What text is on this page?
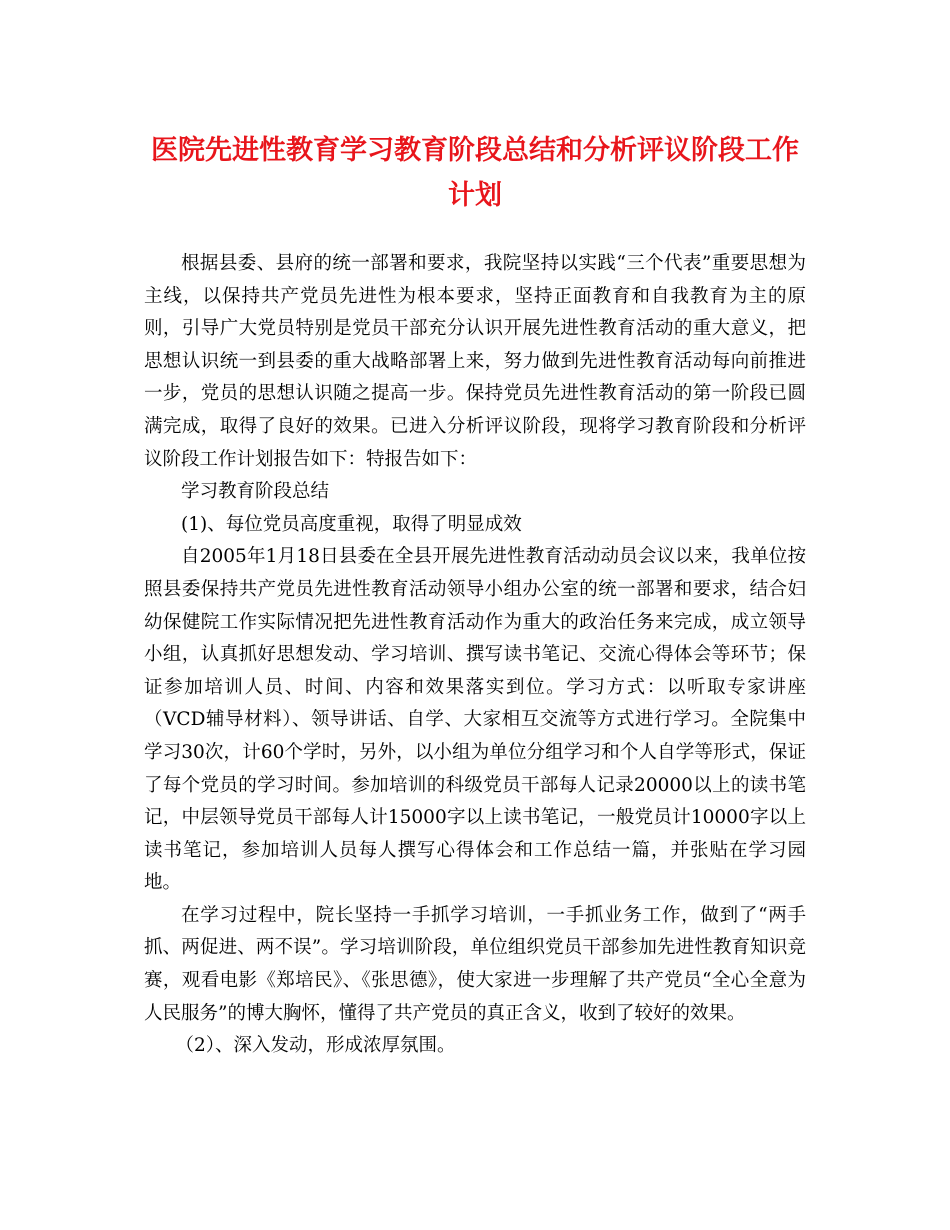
医院先进性教育学习教育阶段总结和分析评议阶段工作计划

根据县委、县府的统一部署和要求，我院坚持以实践“三个代表”重要思想为主线，以保持共产党员先进性为根本要求，坚持正面教育和自我教育为主的原则，引导广大党员特别是党员干部充分认识开展先进性教育活动的重大意义，把思想认识统一到县委的重大战略部署上来，努力做到先进性教育活动每向前推进一步，党员的思想认识随之提高一步。保持党员先进性教育活动的第一阶段已圆满完成，取得了良好的效果。已进入分析评议阶段，现将学习教育阶段和分析评议阶段工作计划报告如下：特报告如下：

学习教育阶段总结

(1)、每位党员高度重视，取得了明显成效

自2005年1月18日县委在全县开展先进性教育活动动员会议以来，我单位按照县委保持共产党员先进性教育活动领导小组办公室的统一部署和要求，结合妇幼保健院工作实际情况把先进性教育活动作为重大的政治任务来完成，成立领导小组，认真抓好思想发动、学习培训、撰写读书笔记、交流心得体会等环节；保证参加培训人员、时间、内容和效果落实到位。学习方式：以听取专家讲座（VCD辅导材料）、领导讲话、自学、大家相互交流等方式进行学习。全院集中学习30次，计60个学时，另外，以小组为单位分组学习和个人自学等形式，保证了每个党员的学习时间。参加培训的科级党员干部每人记录20000以上的读书笔记，中层领导党员干部每人计15000字以上读书笔记，一般党员计10000字以上读书笔记，参加培训人员每人撰写心得体会和工作总结一篇，并张贴在学习园地。

在学习过程中，院长坚持一手抓学习培训，一手抓业务工作，做到了“两手抓、两促进、两不误”。学习培训阶段，单位组织党员干部参加先进性教育知识竞赛，观看电影《郑培民》、《张思德》，使大家进一步理解了共产党员“全心全意为人民服务”的博大胸怀，懂得了共产党员的真正含义，收到了较好的效果。

（2）、深入发动，形成浓厚氛围。
